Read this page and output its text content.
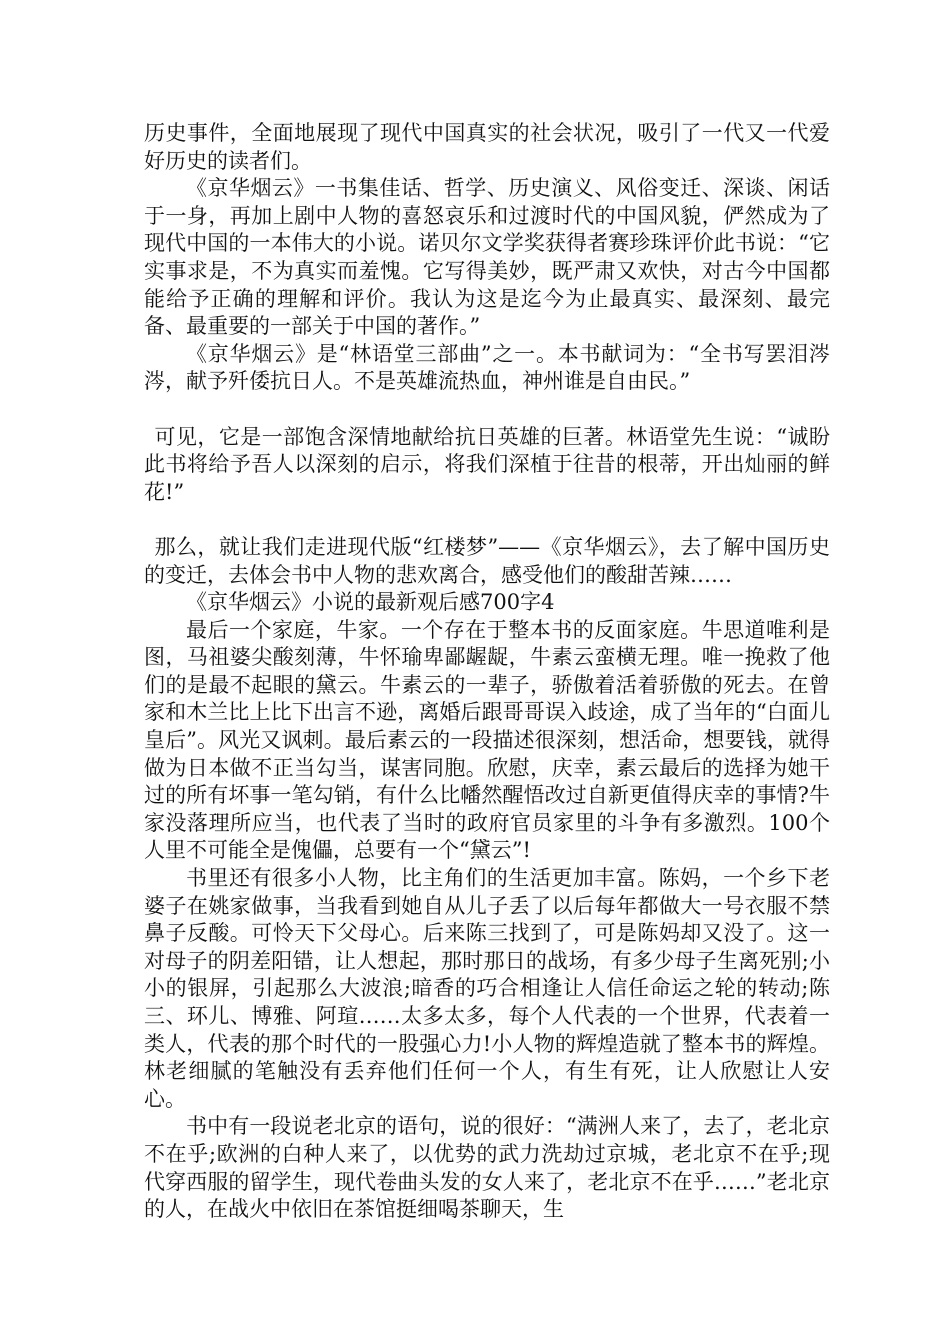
历史事件，全面地展现了现代中国真实的社会状况，吸引了一代又一代爱好历史的读者们。

《京华烟云》一书集佳话、哲学、历史演义、风俗变迁、深谈、闲话于一身，再加上剧中人物的喜怒哀乐和过渡时代的中国风貌，俨然成为了现代中国的一本伟大的小说。诺贝尔文学奖获得者赛珍珠评价此书说：“它实事求是，不为真实而羞愧。它写得美妙，既严肃又欢快，对古今中国都能给予正确的理解和评价。我认为这是迄今为止最真实、最深刻、最完备、最重要的一部关于中国的著作。”

《京华烟云》是“林语堂三部曲”之一。本书献词为：“全书写罢泪涔涔，献予歼倭抗日人。不是英雄流热血，神州谁是自由民。”

可见，它是一部饱含深情地献给抗日英雄的巨著。林语堂先生说：“诚盼此书将给予吾人以深刻的启示，将我们深植于往昔的根蒂，开出灿丽的鲜花!”

那么，就让我们走进现代版“红楼梦”——《京华烟云》，去了解中国历史的变迁，去体会书中人物的悲欢离合，感受他们的酸甜苦辣……

《京华烟云》小说的最新观后感700字4

最后一个家庭，牛家。一个存在于整本书的反面家庭。牛思道唯利是图，马祖婆尖酸刻薄，牛怀瑜卑鄙龌龊，牛素云蛮横无理。唯一挽救了他们的是最不起眼的黛云。牛素云的一辈子，骄傲着活着骄傲的死去。在曾家和木兰比上比下出言不逊，离婚后跟哥哥误入歧途，成了当年的“白面儿皇后”。风光又讽刺。最后素云的一段描述很深刻，想活命，想要钱，就得做为日本做不正当勾当，谋害同胞。欣慰，庆幸，素云最后的选择为她干过的所有坏事一笔勾销，有什么比幡然醒悟改过自新更值得庆幸的事情?牛家没落理所应当，也代表了当时的政府官员家里的斗争有多激烈。100个人里不可能全是傀儡，总要有一个“黛云”!

书里还有很多小人物，比主角们的生活更加丰富。陈妈，一个乡下老婆子在姚家做事，当我看到她自从儿子丢了以后每年都做大一号衣服不禁鼻子反酸。可怜天下父母心。后来陈三找到了，可是陈妈却又没了。这一对母子的阴差阳错，让人想起，那时那日的战场，有多少母子生离死别;小小的银屏，引起那么大波浪;暗香的巧合相逢让人信任命运之轮的转动;陈三、环儿、博雅、阿瑄……太多太多，每个人代表的一个世界，代表着一类人，代表的那个时代的一股强心力!小人物的辉煌造就了整本书的辉煌。林老细腻的笔触没有丢弃他们任何一个人，有生有死，让人欣慰让人安心。

书中有一段说老北京的语句，说的很好：“满洲人来了，去了，老北京不在乎;欧洲的白种人来了，以优势的武力洗劫过京城，老北京不在乎;现代穿西服的留学生，现代卷曲头发的女人来了，老北京不在乎……”老北京的人，在战火中依旧在茶馆挺细喝茶聊天，生
